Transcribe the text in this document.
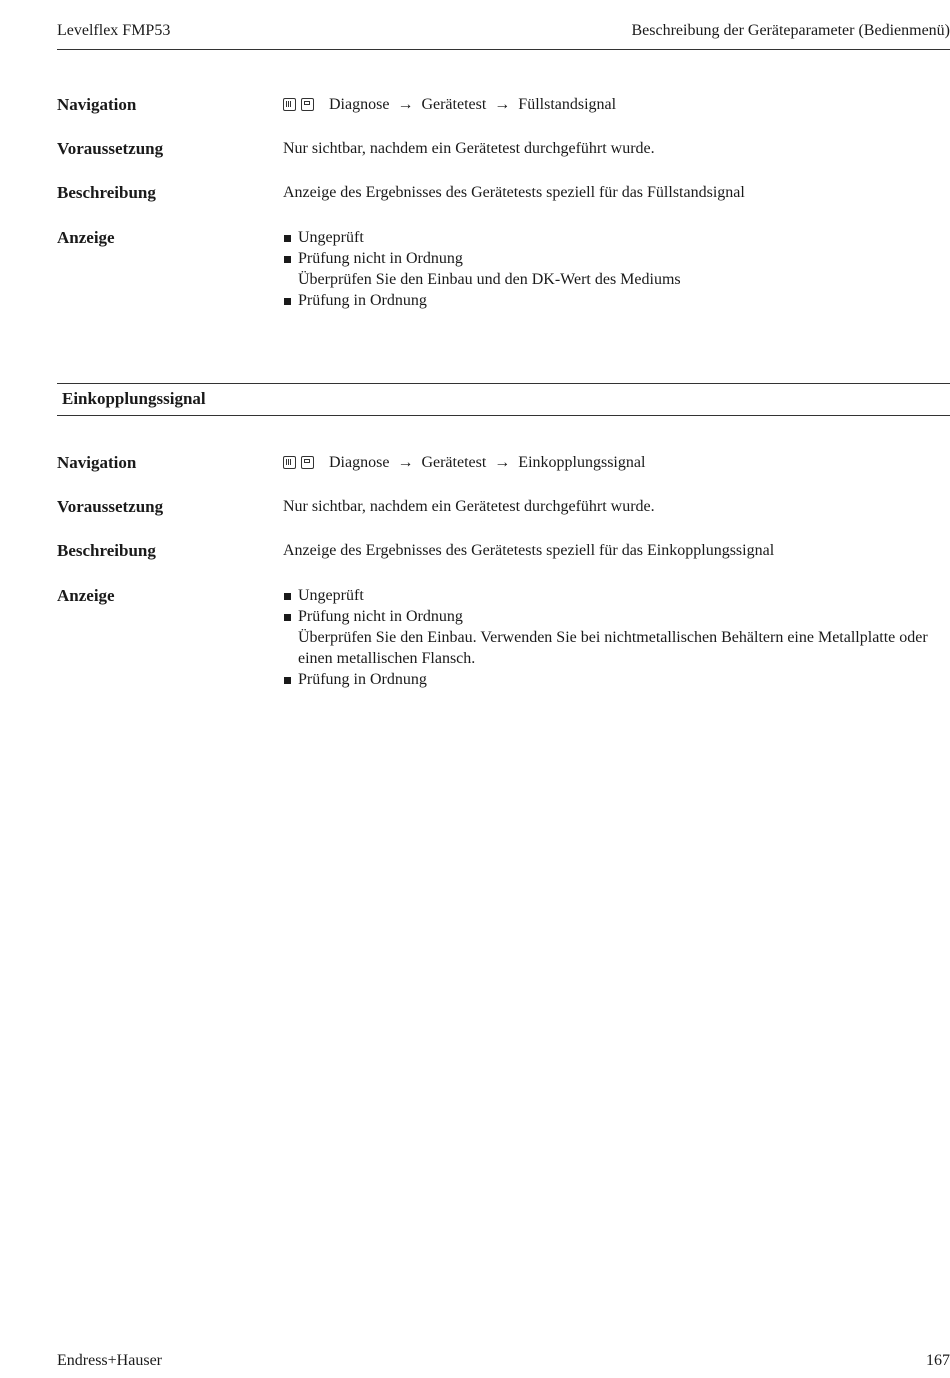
Levelflex FMP53	Beschreibung der Geräteparameter (Bedienmenü)
Navigation	Diagnose → Gerätetest → Füllstandsignal
Voraussetzung	Nur sichtbar, nachdem ein Gerätetest durchgeführt wurde.
Beschreibung	Anzeige des Ergebnisses des Gerätetests speziell für das Füllstandsignal
Anzeige	Ungeprüft
Prüfung nicht in Ordnung
Überprüfen Sie den Einbau und den DK-Wert des Mediums
Prüfung in Ordnung
Einkopplungssignal
Navigation	Diagnose → Gerätetest → Einkopplungssignal
Voraussetzung	Nur sichtbar, nachdem ein Gerätetest durchgeführt wurde.
Beschreibung	Anzeige des Ergebnisses des Gerätetests speziell für das Einkopplungssignal
Anzeige	Ungeprüft
Prüfung nicht in Ordnung
Überprüfen Sie den Einbau. Verwenden Sie bei nichtmetallischen Behältern eine Metallplatte oder einen metallischen Flansch.
Prüfung in Ordnung
Endress+Hauser	167
